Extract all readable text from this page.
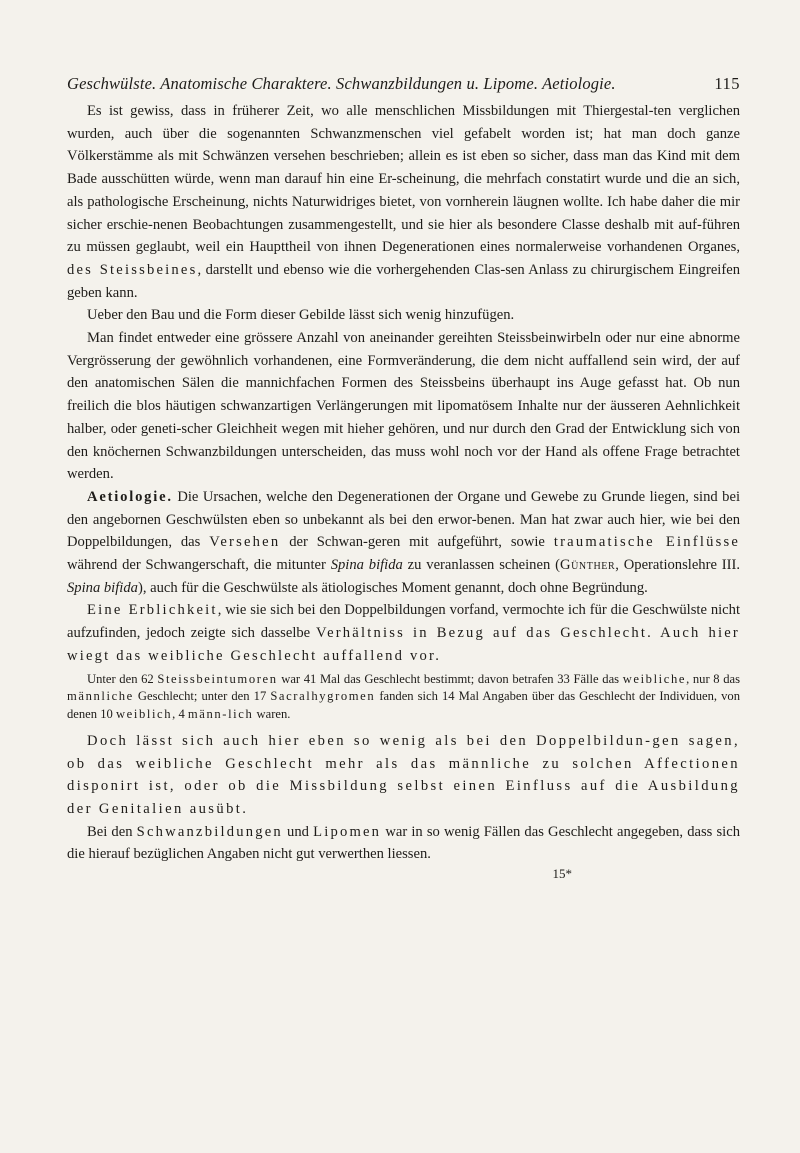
Geschwülste. Anatomische Charaktere. Schwanzbildungen u. Lipome. Aetiologie.	115

Es ist gewiss, dass in früherer Zeit, wo alle menschlichen Missbildungen mit Thiergestal-ten verglichen wurden, auch über die sogenannten Schwanzmenschen viel gefabelt worden ist; hat man doch ganze Völkerstämme als mit Schwänzen versehen beschrieben; allein es ist eben so sicher, dass man das Kind mit dem Bade ausschütten würde, wenn man darauf hin eine Er-scheinung, die mehrfach constatirt wurde und die an sich, als pathologische Erscheinung, nichts Naturwidriges bietet, von vornherein läugnen wollte. Ich habe daher die mir sicher erschie-nenen Beobachtungen zusammengestellt, und sie hier als besondere Classe deshalb mit auf-führen zu müssen geglaubt, weil ein Haupttheil von ihnen Degenerationen eines normalerweise vorhandenen Organes, des Steissbeines, darstellt und ebenso wie die vorhergehenden Clas-sen Anlass zu chirurgischem Eingreifen geben kann.

Ueber den Bau und die Form dieser Gebilde lässt sich wenig hinzufügen.

Man findet entweder eine grössere Anzahl von aneinander gereihten Steissbeinwirbeln oder nur eine abnorme Vergrösserung der gewöhnlich vorhandenen, eine Formveränderung, die dem nicht auffallend sein wird, der auf den anatomischen Sälen die mannichfachen Formen des Steissbeins überhaupt ins Auge gefasst hat. Ob nun freilich die blos häutigen schwanzartigen Verlängerungen mit lipomatösem Inhalte nur der äusseren Aehnlichkeit halber, oder geneti-scher Gleichheit wegen mit hieher gehören, und nur durch den Grad der Entwicklung sich von den knöchernen Schwanzbildungen unterscheiden, das muss wohl noch vor der Hand als offene Frage betrachtet werden.

Aetiologie. Die Ursachen, welche den Degenerationen der Organe und Gewebe zu Grunde liegen, sind bei den angebornen Geschwülsten eben so unbekannt als bei den erwor-benen. Man hat zwar auch hier, wie bei den Doppelbildungen, das Versehen der Schwan-geren mit aufgeführt, sowie traumatische Einflüsse während der Schwangerschaft, die mitunter Spina bifida zu veranlassen scheinen (Günther, Operationslehre III. Spina bifida), auch für die Geschwülste als ätiologisches Moment genannt, doch ohne Begründung.

Eine Erblichkeit, wie sie sich bei den Doppelbildungen vorfand, vermochte ich für die Geschwülste nicht aufzufinden, jedoch zeigte sich dasselbe Verhältniss in Bezug auf das Geschlecht. Auch hier wiegt das weibliche Geschlecht auffallend vor.

Unter den 62 Steissbeintumoren war 41 Mal das Geschlecht bestimmt; davon betrafen 33 Fälle das weibliche, nur 8 das männliche Geschlecht; unter den 17 Sacralhygromen fanden sich 14 Mal Angaben über das Geschlecht der Individuen, von denen 10 weiblich, 4 männ-lich waren.

Doch lässt sich auch hier eben so wenig als bei den Doppelbildun-gen sagen, ob das weibliche Geschlecht mehr als das männliche zu solchen Affectionen disponirt ist, oder ob die Missbildung selbst einen Einfluss auf die Ausbildung der Genitalien ausübt.

Bei den Schwanzbildungen und Lipomen war in so wenig Fällen das Geschlecht angegeben, dass sich die hierauf bezüglichen Angaben nicht gut verwerthen liessen.

15*
